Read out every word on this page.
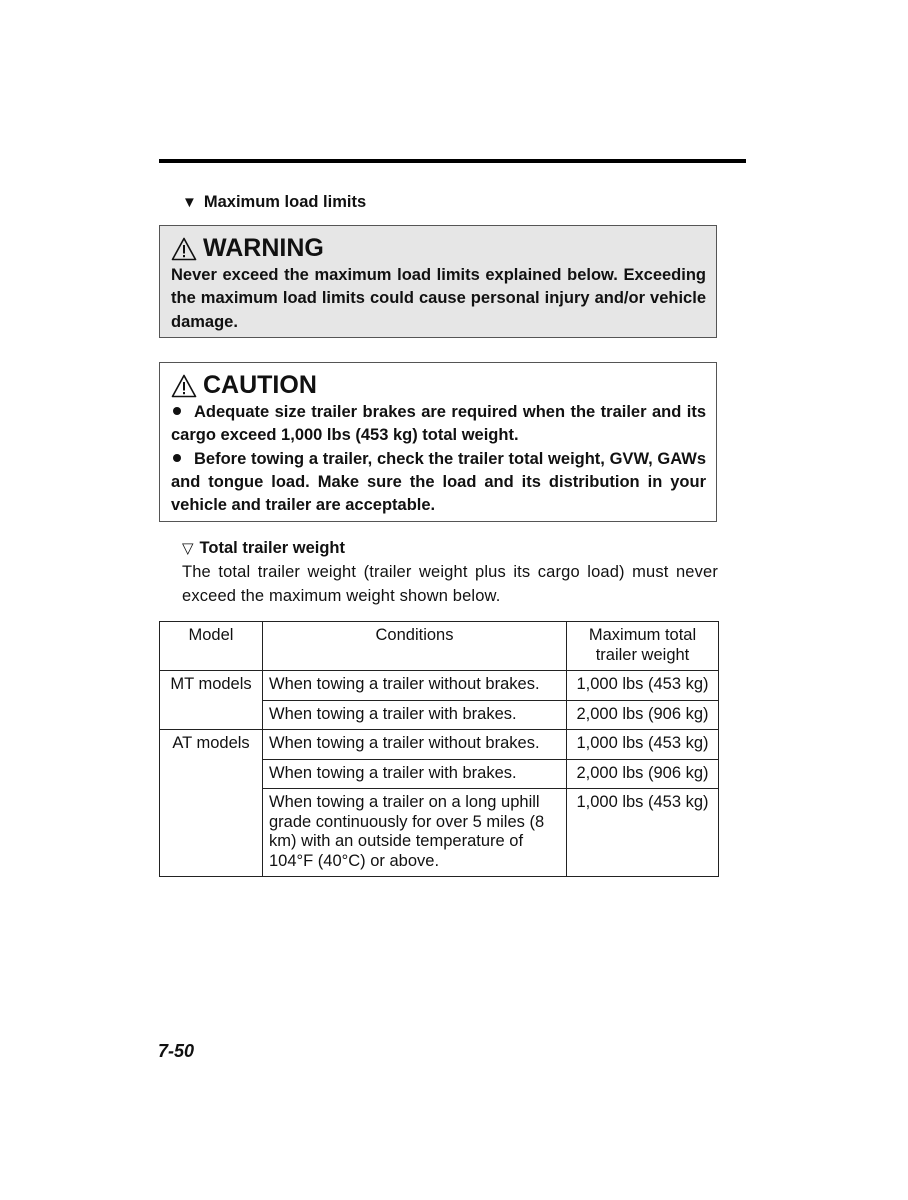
▼ Maximum load limits
WARNING
Never exceed the maximum load limits explained below. Exceeding the maximum load limits could cause personal injury and/or vehicle damage.
CAUTION

Adequate size trailer brakes are required when the trailer and its cargo exceed 1,000 lbs (453 kg) total weight.

Before towing a trailer, check the trailer total weight, GVW, GAWs and tongue load. Make sure the load and its distribution in your vehicle and trailer are acceptable.

▽ Total trailer weight
The total trailer weight (trailer weight plus its cargo load) must never exceed the maximum weight shown below.
Model	Conditions	Maximum total trailer weight
MT models	When towing a trailer without brakes.	1,000 lbs (453 kg)
	When towing a trailer with brakes.	2,000 lbs (906 kg)
AT models	When towing a trailer without brakes.	1,000 lbs (453 kg)
	When towing a trailer with brakes.	2,000 lbs (906 kg)
	When towing a trailer on a long uphill grade continuously for over 5 miles (8 km) with an outside temperature of 104°F (40°C) or above.	1,000 lbs (453 kg)
7-50
